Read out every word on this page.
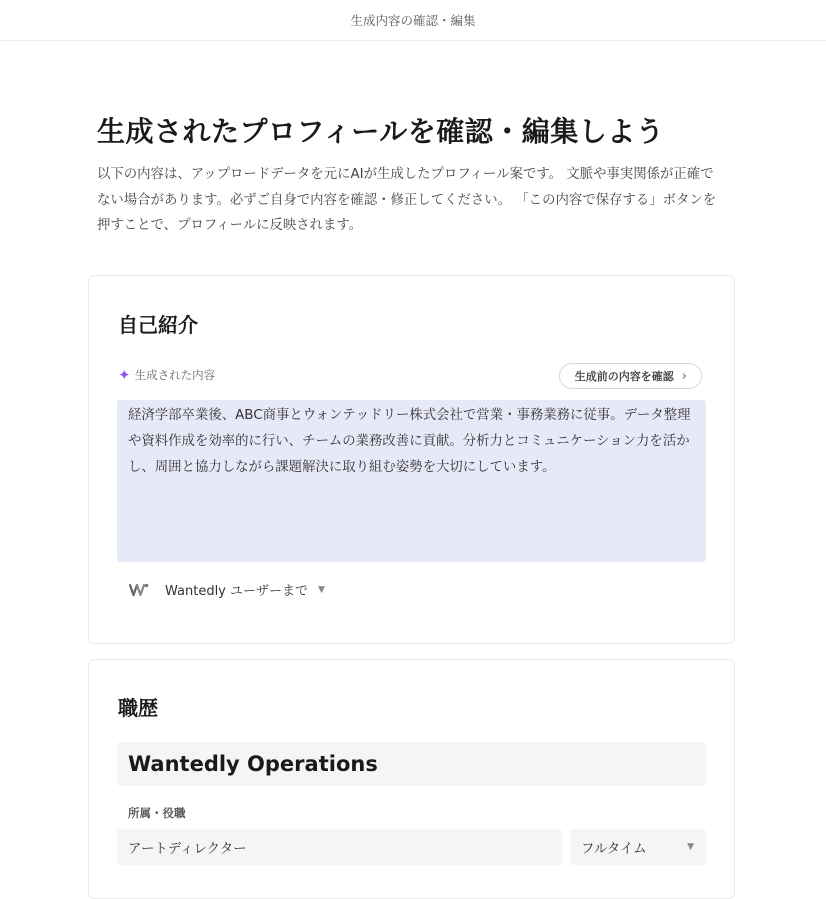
生成内容の確認・編集
生成されたプロフィールを確認・編集しよう

以下の内容は、アップロードデータを元にAIが生成したプロフィール案です。 文脈や事実関係が正確でない場合があります。必ずご自身で内容を確認・修正してください。 「この内容で保存する」ボタンを押すことで、プロフィールに反映されます。

自己紹介
✦ 生成された内容	生成前の内容を確認 ›
経済学部卒業後、ABC商事とウォンテッドリー株式会社で営業・事務業務に従事。データ整理や資料作成を効率的に行い、チームの業務改善に貢献。分析力とコミュニケーション力を活かし、周囲と協力しながら課題解決に取り組む姿勢を大切にしています。
Wantedly ユーザーまで ▼
職歴
Wantedly Operations
所属・役職
アートディレクター	フルタイム	▼
